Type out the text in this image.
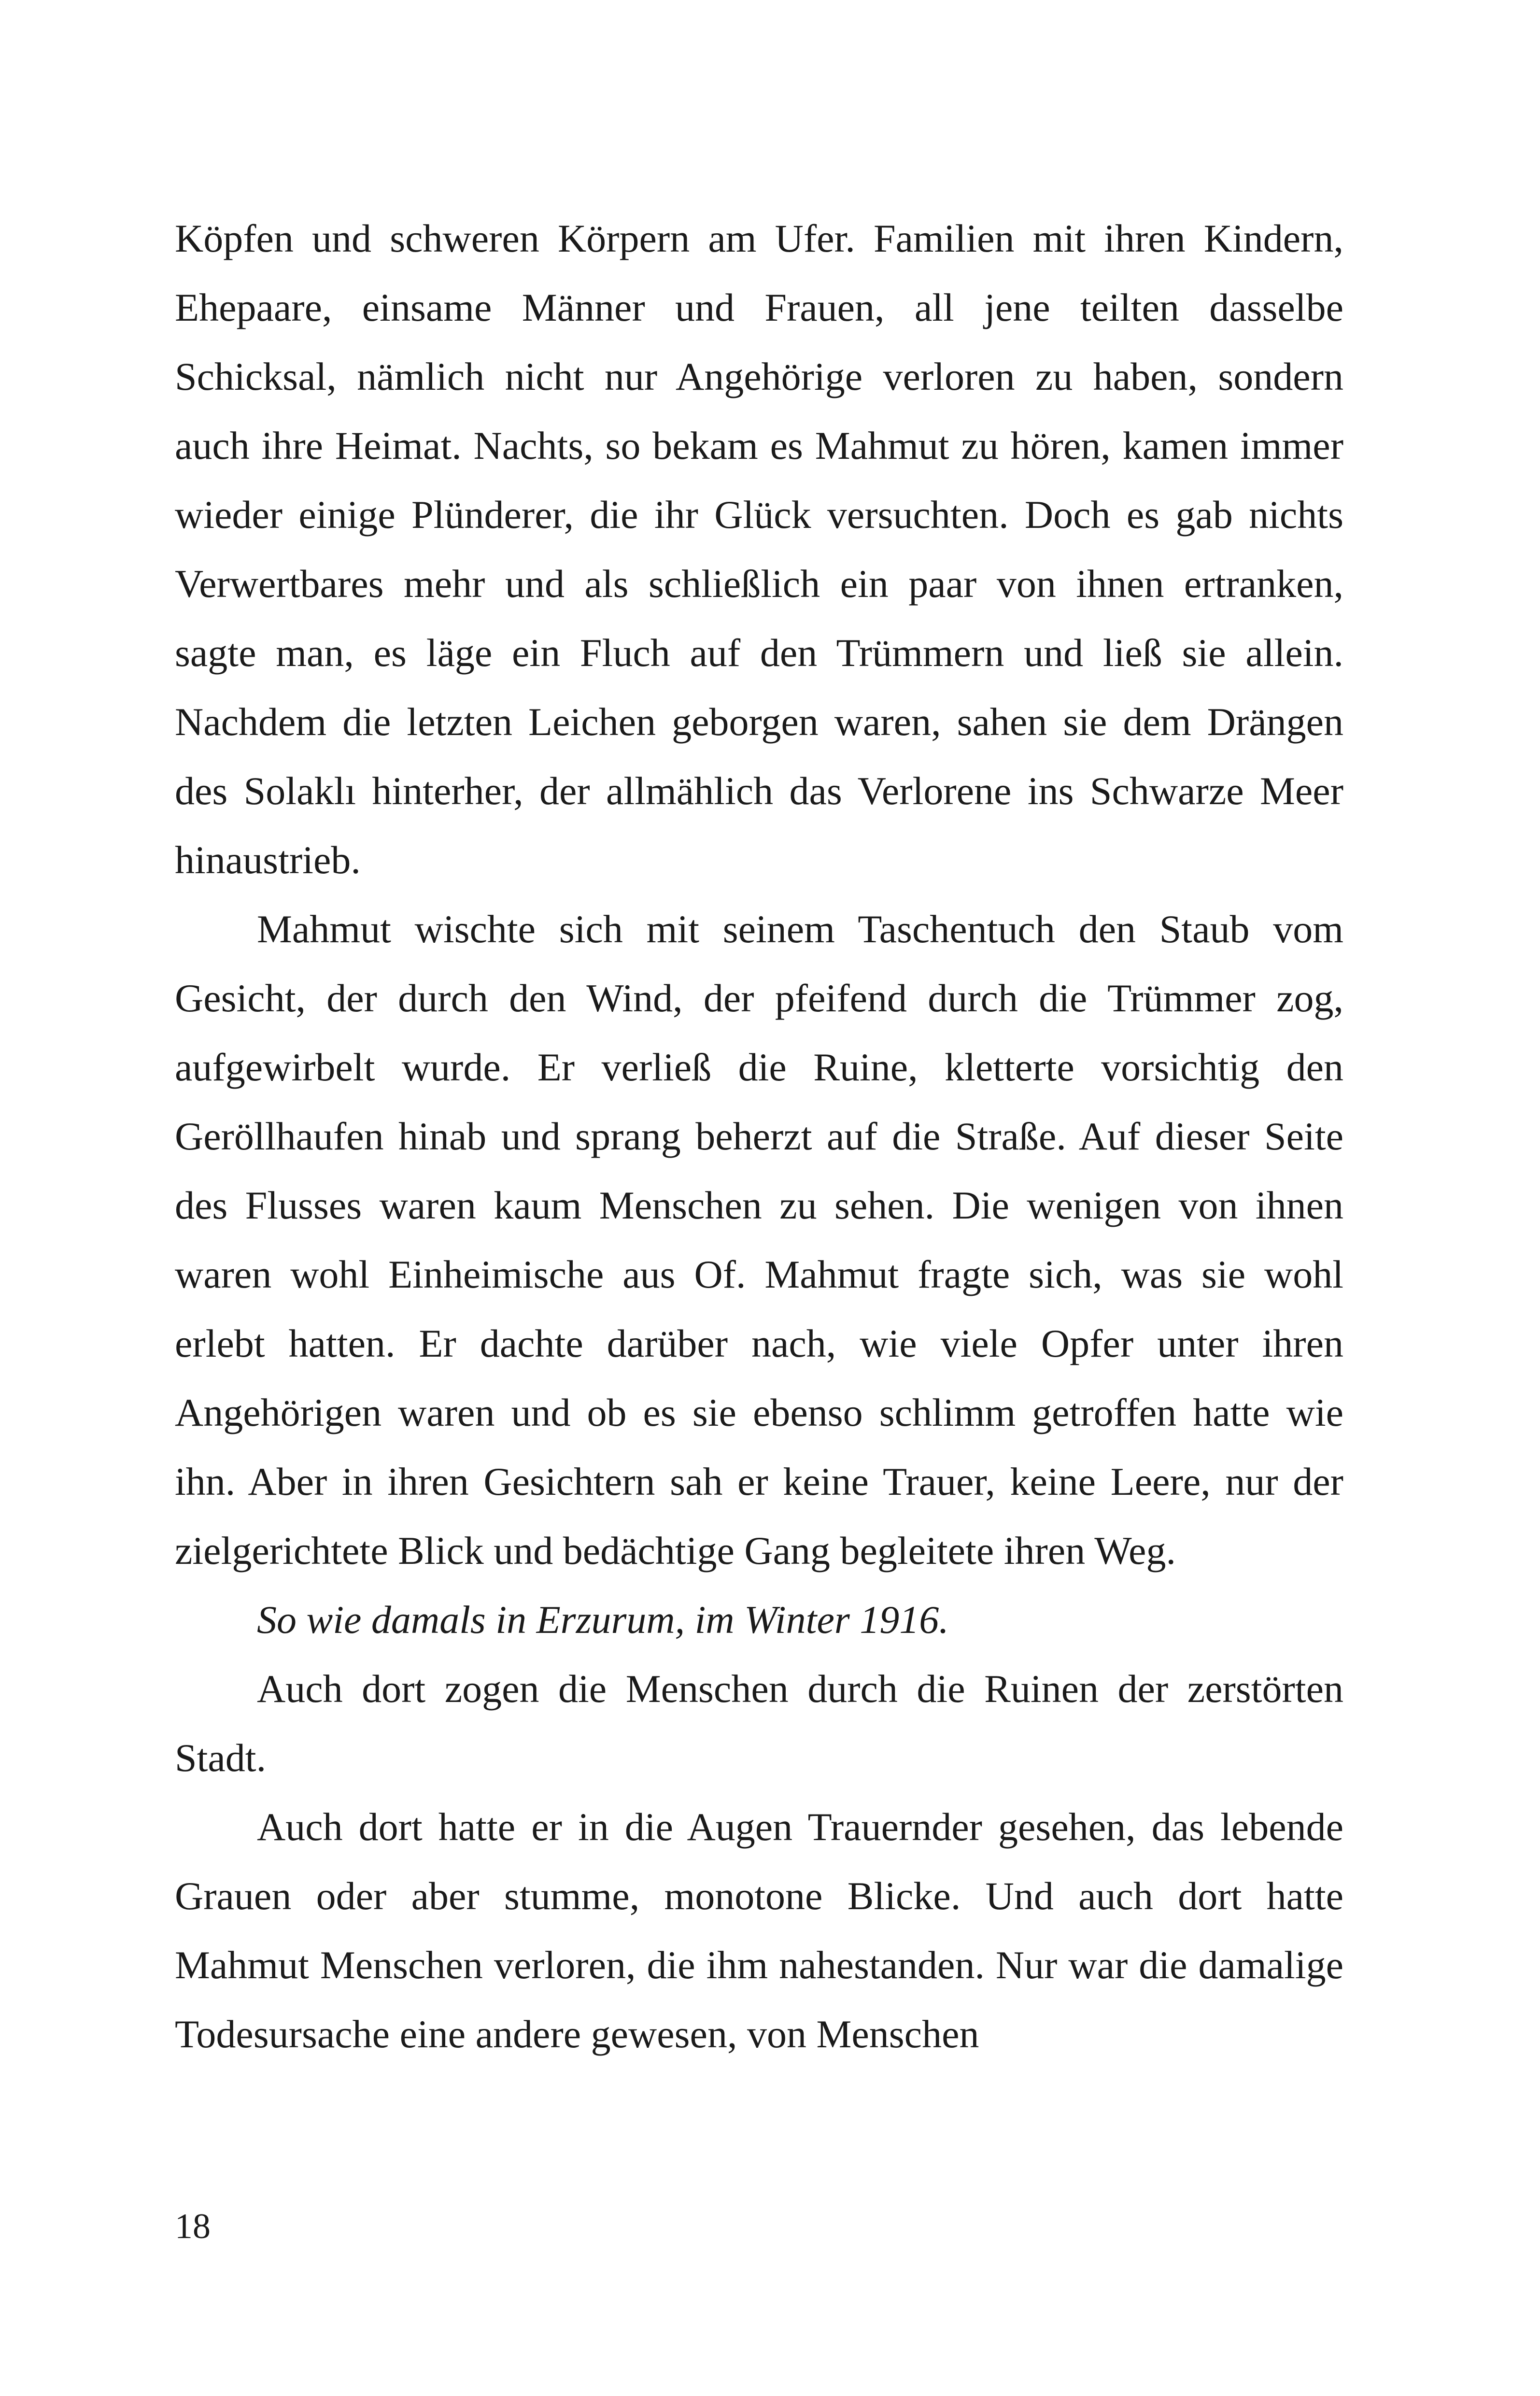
Köpfen und schweren Körpern am Ufer. Familien mit ihren Kindern, Ehepaare, einsame Männer und Frauen, all jene teilten dasselbe Schicksal, nämlich nicht nur Angehörige verloren zu haben, sondern auch ihre Heimat. Nachts, so bekam es Mahmut zu hören, kamen immer wieder einige Plünderer, die ihr Glück versuchten. Doch es gab nichts Verwertbares mehr und als schließlich ein paar von ihnen ertranken, sagte man, es läge ein Fluch auf den Trümmern und ließ sie allein. Nachdem die letzten Leichen geborgen waren, sahen sie dem Drängen des Solaklı hinterher, der allmählich das Verlorene ins Schwarze Meer hinaustrieb.

Mahmut wischte sich mit seinem Taschentuch den Staub vom Gesicht, der durch den Wind, der pfeifend durch die Trümmer zog, aufgewirbelt wurde. Er verließ die Ruine, kletterte vorsichtig den Geröllhaufen hinab und sprang beherzt auf die Straße. Auf dieser Seite des Flusses waren kaum Menschen zu sehen. Die wenigen von ihnen waren wohl Einheimische aus Of. Mahmut fragte sich, was sie wohl erlebt hatten. Er dachte darüber nach, wie viele Opfer unter ihren Angehörigen waren und ob es sie ebenso schlimm getroffen hatte wie ihn. Aber in ihren Gesichtern sah er keine Trauer, keine Leere, nur der zielgerichtete Blick und bedächtige Gang begleitete ihren Weg.

So wie damals in Erzurum, im Winter 1916.

Auch dort zogen die Menschen durch die Ruinen der zerstörten Stadt.

Auch dort hatte er in die Augen Trauernder gesehen, das lebende Grauen oder aber stumme, monotone Blicke. Und auch dort hatte Mahmut Menschen verloren, die ihm nahestanden. Nur war die damalige Todesursache eine andere gewesen, von Menschen

18
